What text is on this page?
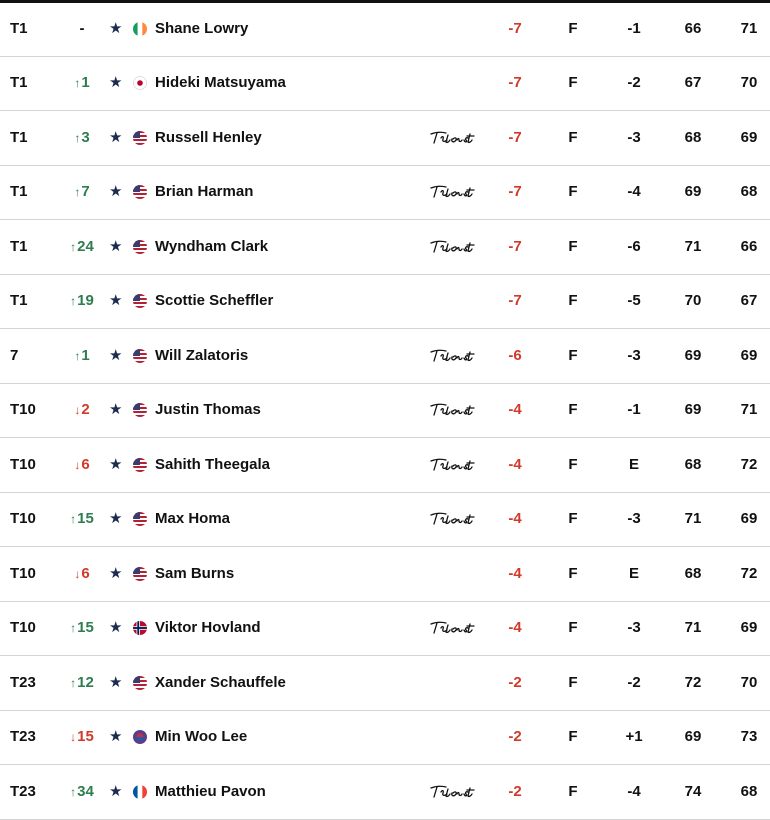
T1	-	★ Shane Lowry	-7	F	-1	66	71
T1	↑1	★ Hideki Matsuyama	-7	F	-2	67	70
T1	↑3	★ Russell Henley	-7	F	-3	68	69
T1	↑7	★ Brian Harman	-7	F	-4	69	68
T1	↑24	★ Wyndham Clark	-7	F	-6	71	66
T1	↑19	★ Scottie Scheffler	-7	F	-5	70	67
7	↑1	★ Will Zalatoris	-6	F	-3	69	69
T10	↓2	★ Justin Thomas	-4	F	-1	69	71
T10	↓6	★ Sahith Theegala	-4	F	E	68	72
T10	↑15	★ Max Homa	-4	F	-3	71	69
T10	↓6	★ Sam Burns	-4	F	E	68	72
T10	↑15	★ Viktor Hovland	-4	F	-3	71	69
T23	↑12	★ Xander Schauffele	-2	F	-2	72	70
T23	↓15	★ Min Woo Lee	-2	F	+1	69	73
T23	↑34	★ Matthieu Pavon	-2	F	-4	74	68
